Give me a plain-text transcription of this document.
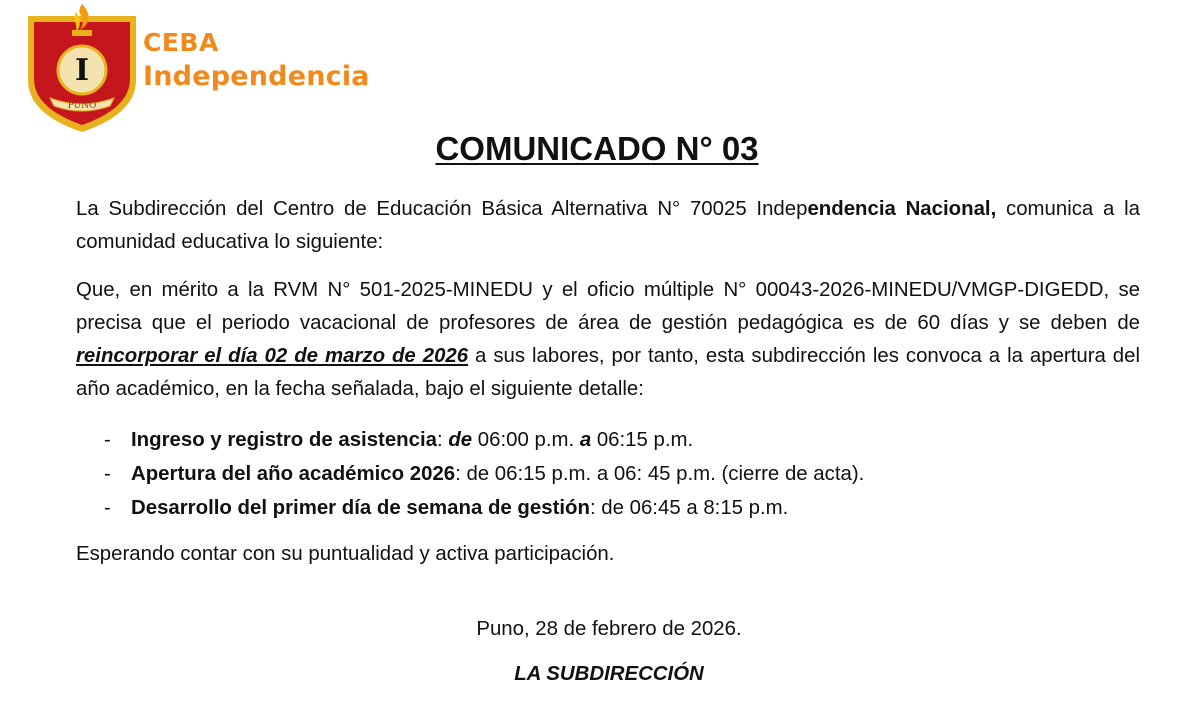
I
PUNO
CEBA
Independencia
COMUNICADO N° 03

La Subdirección del Centro de Educación Básica Alternativa N° 70025 Independencia Nacional, comunica a la comunidad educativa lo siguiente:

Que, en mérito a la RVM N° 501-2025-MINEDU y el oficio múltiple N° 00043-2026-MINEDU/VMGP-DIGEDD, se precisa que el periodo vacacional de profesores de área de gestión pedagógica es de 60 días y se deben de reincorporar el día 02 de marzo de 2026 a sus labores, por tanto, esta subdirección les convoca a la apertura del año académico, en la fecha señalada, bajo el siguiente detalle:

- Ingreso y registro de asistencia: de 06:00 p.m. a 06:15 p.m.
- Apertura del año académico 2026: de 06:15 p.m. a 06: 45 p.m. (cierre de acta).
- Desarrollo del primer día de semana de gestión: de 06:45 a 8:15 p.m.

Esperando contar con su puntualidad y activa participación.

Puno, 28 de febrero de 2026.
LA SUBDIRECCIÓN
